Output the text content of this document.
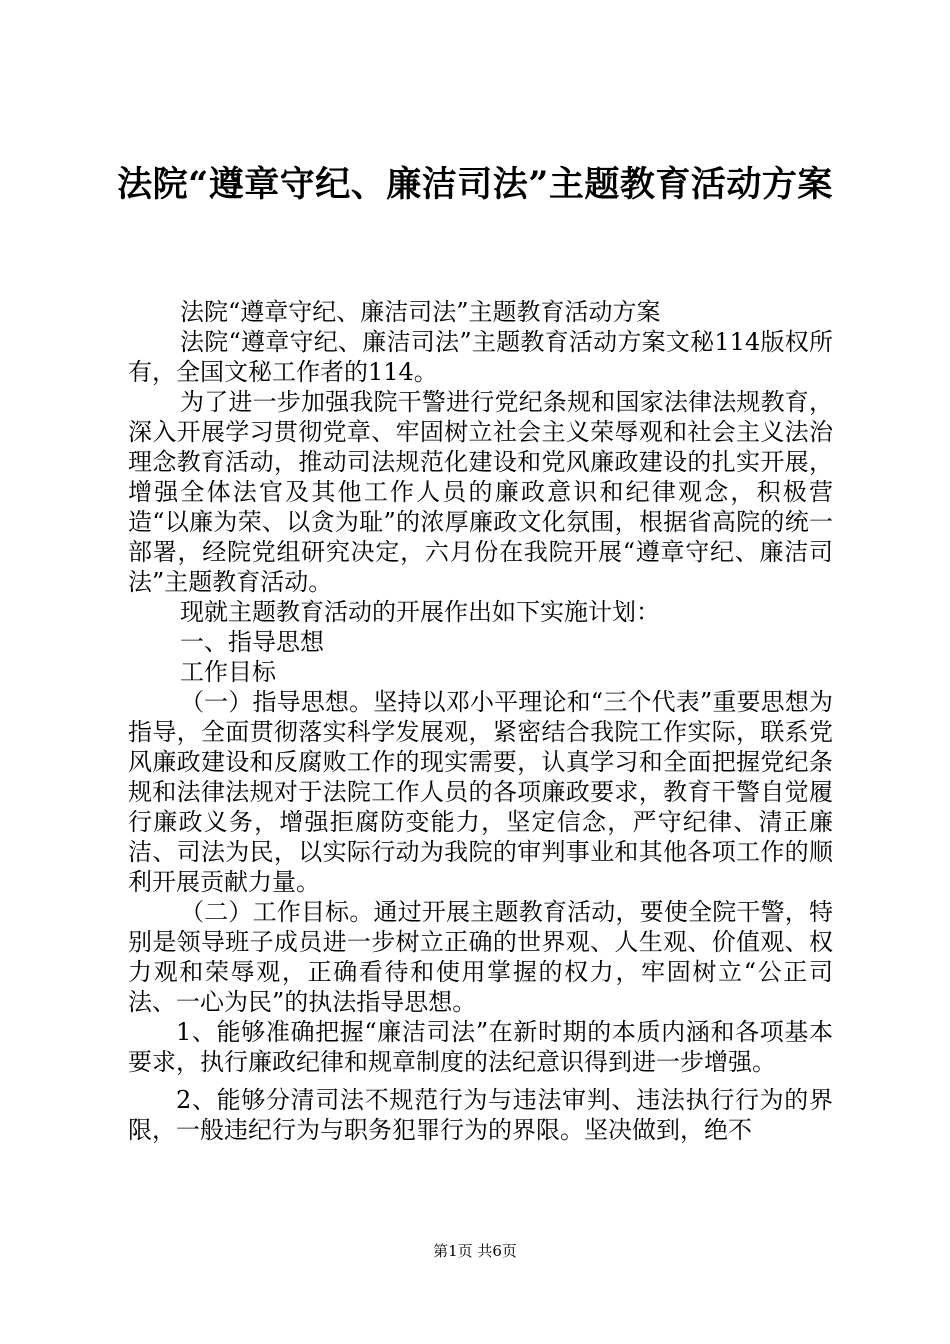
法院“遵章守纪、廉洁司法”主题教育活动方案

法院“遵章守纪、廉洁司法”主题教育活动方案

法院“遵章守纪、廉洁司法”主题教育活动方案文秘114版权所有，全国文秘工作者的114。

为了进一步加强我院干警进行党纪条规和国家法律法规教育，深入开展学习贯彻党章、牢固树立社会主义荣辱观和社会主义法治理念教育活动，推动司法规范化建设和党风廉政建设的扎实开展，增强全体法官及其他工作人员的廉政意识和纪律观念，积极营造“以廉为荣、以贪为耻”的浓厚廉政文化氛围，根据省高院的统一部署，经院党组研究决定，六月份在我院开展“遵章守纪、廉洁司法”主题教育活动。

现就主题教育活动的开展作出如下实施计划：

一、指导思想

工作目标

（一）指导思想。坚持以邓小平理论和“三个代表”重要思想为指导，全面贯彻落实科学发展观，紧密结合我院工作实际，联系党风廉政建设和反腐败工作的现实需要，认真学习和全面把握党纪条规和法律法规对于法院工作人员的各项廉政要求，教育干警自觉履行廉政义务，增强拒腐防变能力，坚定信念，严守纪律、清正廉洁、司法为民，以实际行动为我院的审判事业和其他各项工作的顺利开展贡献力量。

（二）工作目标。通过开展主题教育活动，要使全院干警，特别是领导班子成员进一步树立正确的世界观、人生观、价值观、权力观和荣辱观，正确看待和使用掌握的权力，牢固树立“公正司法、一心为民”的执法指导思想。

1、能够准确把握“廉洁司法”在新时期的本质内涵和各项基本要求，执行廉政纪律和规章制度的法纪意识得到进一步增强。

2、能够分清司法不规范行为与违法审判、违法执行行为的界限，一般违纪行为与职务犯罪行为的界限。坚决做到，绝不

第1页 共6页
